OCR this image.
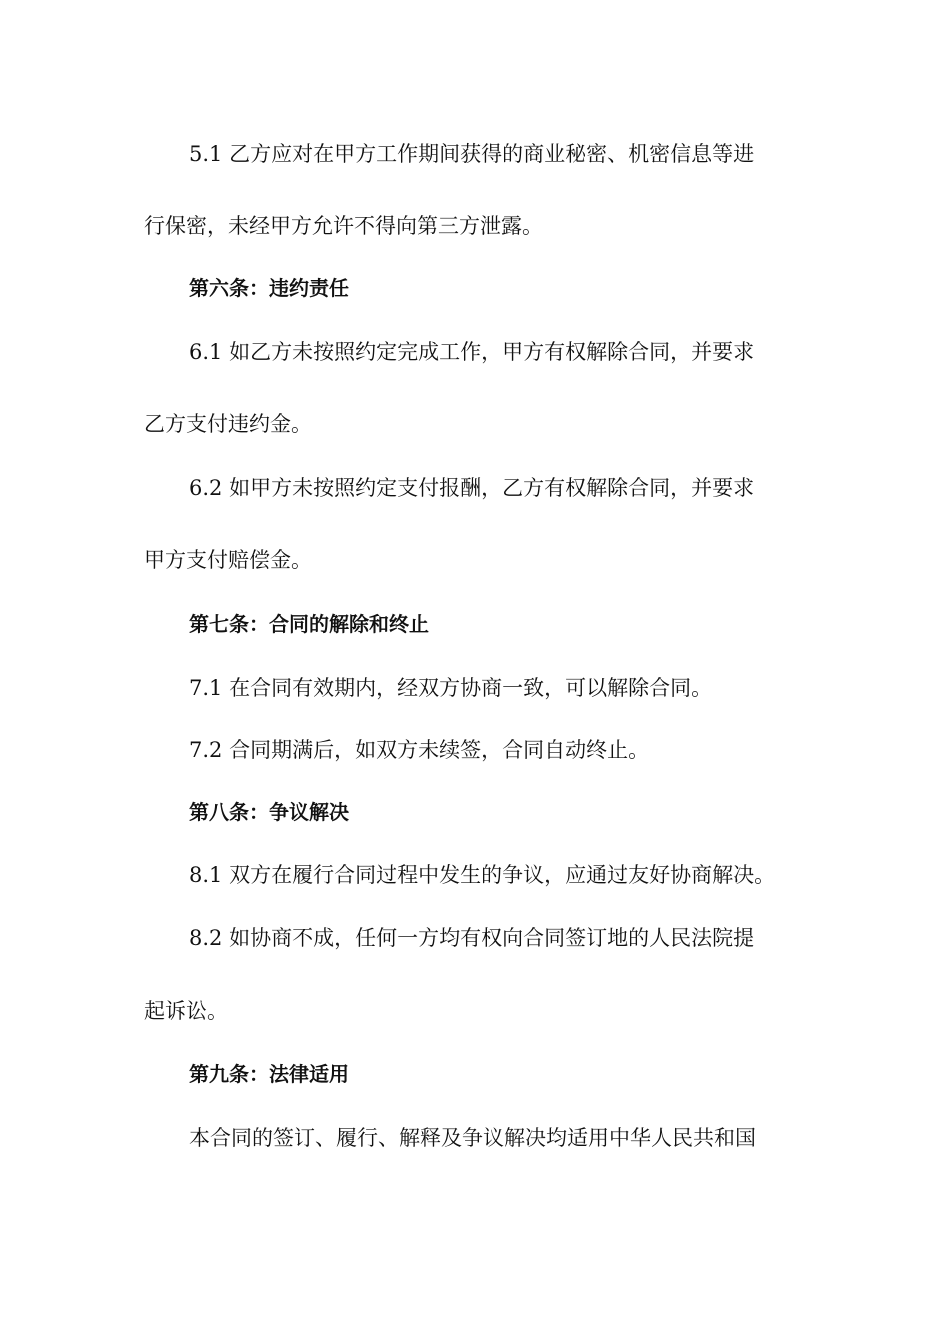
5.1 乙方应对在甲方工作期间获得的商业秘密、机密信息等进
行保密，未经甲方允许不得向第三方泄露。
第六条：违约责任
6.1 如乙方未按照约定完成工作，甲方有权解除合同，并要求
乙方支付违约金。
6.2 如甲方未按照约定支付报酬，乙方有权解除合同，并要求
甲方支付赔偿金。
第七条：合同的解除和终止
7.1 在合同有效期内，经双方协商一致，可以解除合同。
7.2 合同期满后，如双方未续签，合同自动终止。
第八条：争议解决
8.1 双方在履行合同过程中发生的争议，应通过友好协商解决。
8.2 如协商不成，任何一方均有权向合同签订地的人民法院提
起诉讼。
第九条：法律适用
本合同的签订、履行、解释及争议解决均适用中华人民共和国
